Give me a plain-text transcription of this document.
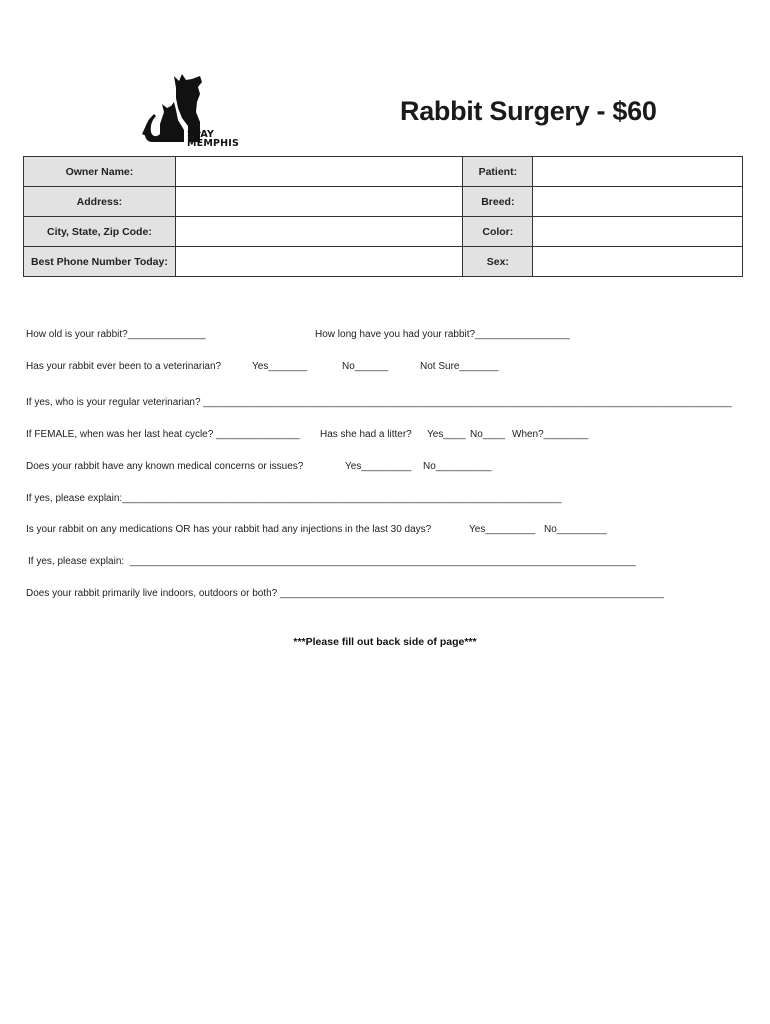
SPAY
MEMPHIS
Rabbit Surgery - $60
Owner Name:		Patient:	
Address:		Breed:	
City, State, Zip Code:		Color:	
Best Phone Number Today:		Sex:	
How old is your rabbit?______________	How long have you had your rabbit?_________________
Has your rabbit ever been to a veterinarian?	Yes_______	No______	Not Sure_______
If yes, who is your regular veterinarian? _______________________________________________________________________________________________
If FEMALE, when was her last heat cycle? _______________ Has she had a litter? Yes____ No____ When?________
Does your rabbit have any known medical concerns or issues?	Yes_________ No__________
If yes, please explain:_______________________________________________________________________________
Is your rabbit on any medications OR has your rabbit had any injections in the last 30 days?	Yes_________ No_________
If yes, please explain:  ___________________________________________________________________________________________
Does your rabbit primarily live indoors, outdoors or both? _____________________________________________________________________
***Please fill out back side of page***
